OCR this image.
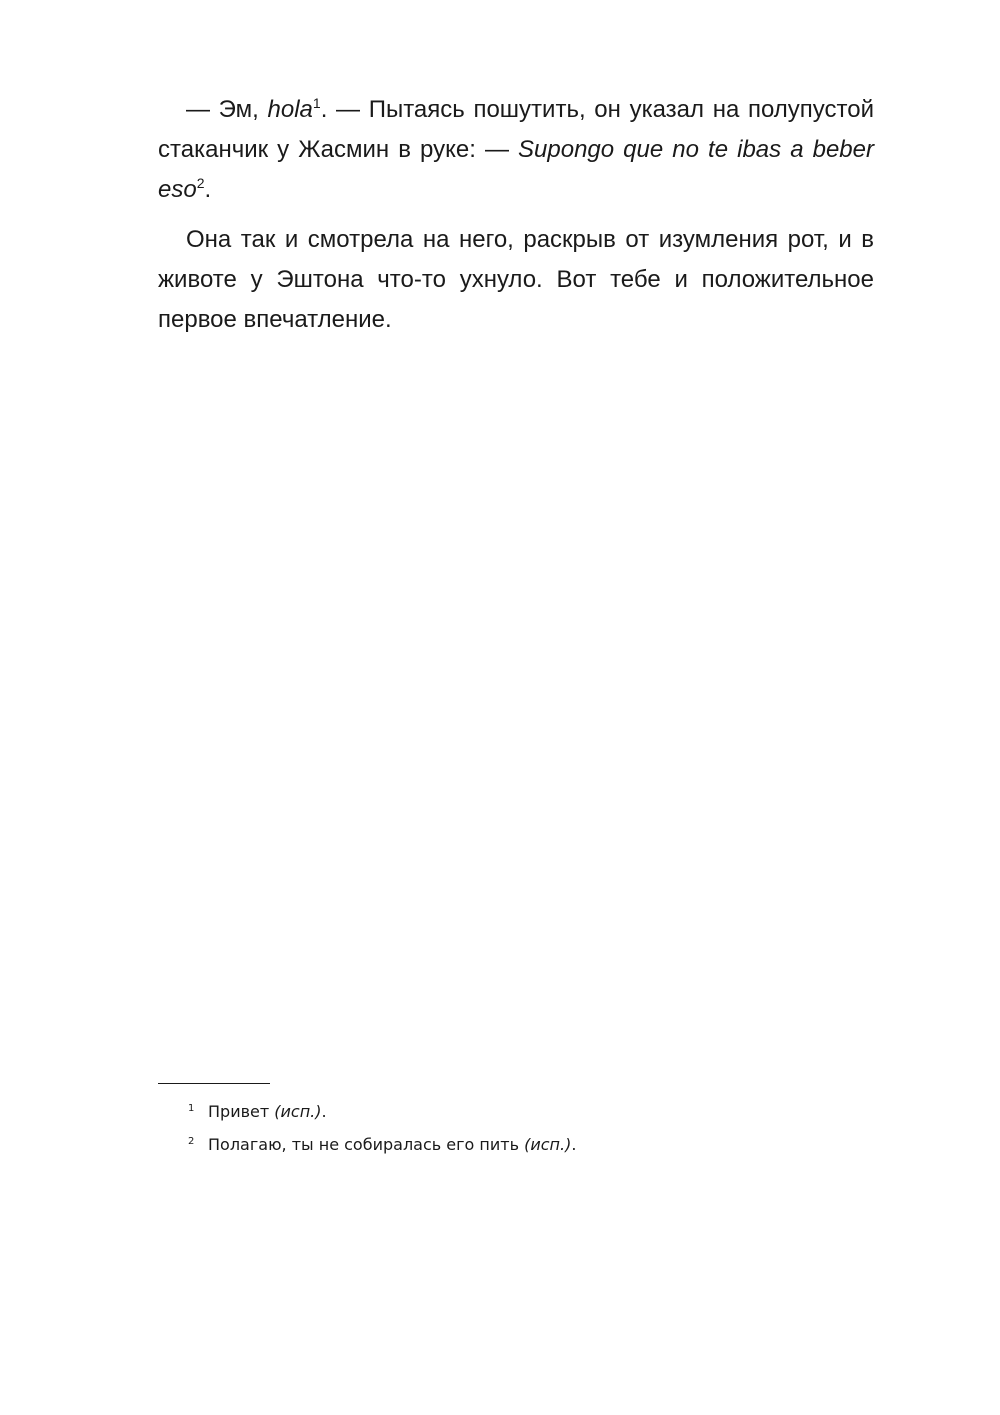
— Эм, hola$^1$. — Пытаясь пошутить, он указал на полупустой стаканчик у Жасмин в руке: — Supongo que no te ibas a beber eso$^2$.

Она так и смотрела на него, раскрыв от изумления рот, и в животе у Эштона что-то ухнуло. Вот тебе и положительное первое впечатление.

1 Привет (исп.).

2 Полагаю, ты не собиралась его пить (исп.).
